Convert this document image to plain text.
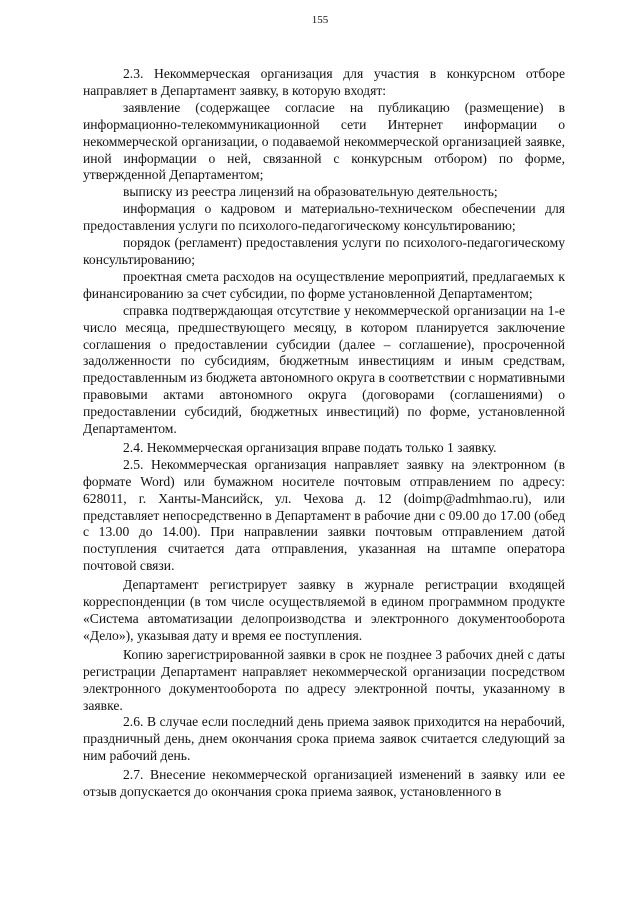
155

2.3. Некоммерческая организация для участия в конкурсном отборе направляет в Департамент заявку, в которую входят:

заявление (содержащее согласие на публикацию (размещение) в информационно-телекоммуникационной сети Интернет информации о некоммерческой организации, о подаваемой некоммерческой организацией заявке, иной информации о ней, связанной с конкурсным отбором) по форме, утвержденной Департаментом;

выписку из реестра лицензий на образовательную деятельность;

информация о кадровом и материально-техническом обеспечении для предоставления услуги по психолого-педагогическому консультированию;

порядок (регламент) предоставления услуги по психолого-педагогическому консультированию;

проектная смета расходов на осуществление мероприятий, предлагаемых к финансированию за счет субсидии, по форме установленной Департаментом;

справка подтверждающая отсутствие у некоммерческой организации на 1-е число месяца, предшествующего месяцу, в котором планируется заключение соглашения о предоставлении субсидии (далее – соглашение), просроченной задолженности по субсидиям, бюджетным инвестициям и иным средствам, предоставленным из бюджета автономного округа в соответствии с нормативными правовыми актами автономного округа (договорами (соглашениями) о предоставлении субсидий, бюджетных инвестиций) по форме, установленной Департаментом.

2.4. Некоммерческая организация вправе подать только 1 заявку.

2.5. Некоммерческая организация направляет заявку на электронном (в формате Word) или бумажном носителе почтовым отправлением по адресу: 628011, г. Ханты-Мансийск, ул. Чехова д. 12 (doimp@admhmao.ru), или представляет непосредственно в Департамент в рабочие дни с 09.00 до 17.00 (обед с 13.00 до 14.00). При направлении заявки почтовым отправлением датой поступления считается дата отправления, указанная на штампе оператора почтовой связи.

Департамент регистрирует заявку в журнале регистрации входящей корреспонденции (в том числе осуществляемой в едином программном продукте «Система автоматизации делопроизводства и электронного документооборота «Дело»), указывая дату и время ее поступления.

Копию зарегистрированной заявки в срок не позднее 3 рабочих дней с даты регистрации Департамент направляет некоммерческой организации посредством электронного документооборота по адресу электронной почты, указанному в заявке.

2.6. В случае если последний день приема заявок приходится на нерабочий, праздничный день, днем окончания срока приема заявок считается следующий за ним рабочий день.

2.7. Внесение некоммерческой организацией изменений в заявку или ее отзыв допускается до окончания срока приема заявок, установленного в
